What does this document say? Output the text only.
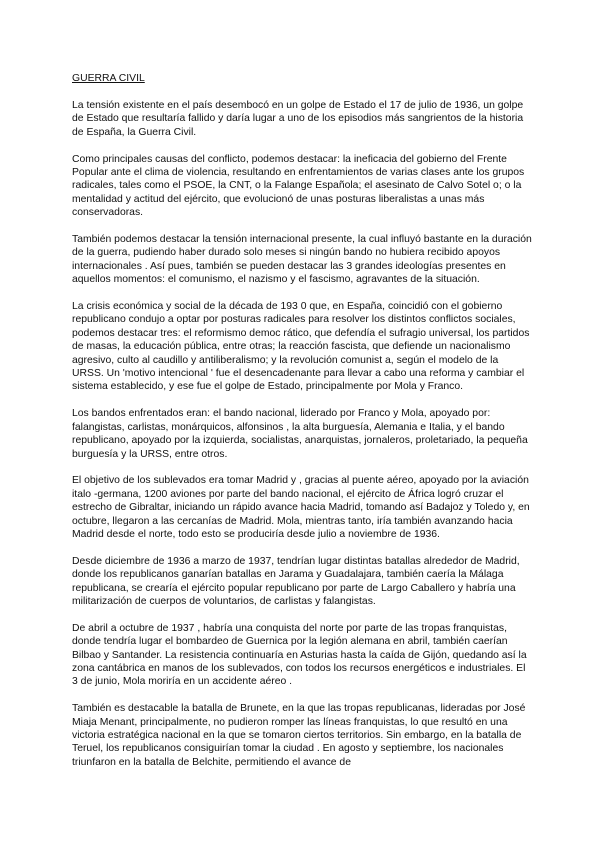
GUERRA CIVIL

La tensión existente en el país desembocó en un golpe de Estado el 17 de julio de 1936, un golpe de Estado que resultaría fallido y daría lugar a uno de los episodios más sangrientos de la historia de España, la Guerra Civil.

Como principales causas del conflicto, podemos destacar: la ineficacia del gobierno del Frente Popular ante el clima de violencia, resultando en enfrentamientos de varias clases ante los grupos radicales, tales como el PSOE, la CNT, o la Falange Española; el asesinato de Calvo Sotel o; o la mentalidad y actitud del ejército, que evolucionó de unas posturas liberalistas a unas más conservadoras.

También podemos destacar la tensión internacional presente, la cual influyó bastante en la duración de la guerra, pudiendo haber durado solo meses si ningún bando no hubiera recibido apoyos internacionales . Así pues, también se pueden destacar las 3 grandes ideologías presentes en aquellos momentos: el comunismo, el nazismo y el fascismo, agravantes de la situación.

La crisis económica y social de la década de 193 0 que, en España, coincidió con el gobierno republicano condujo a optar por posturas radicales para resolver los distintos conflictos sociales, podemos destacar tres: el reformismo democ rático, que defendía el sufragio universal, los partidos de masas, la educación pública, entre otras; la reacción fascista, que defiende un nacionalismo agresivo, culto al caudillo y antiliberalismo; y la revolución comunist a, según el modelo de la URSS. Un 'motivo intencional ' fue el desencadenante para llevar a cabo una reforma y cambiar el sistema establecido, y ese fue el golpe de Estado, principalmente por Mola y Franco.

Los bandos enfrentados eran: el bando nacional, liderado por Franco y Mola, apoyado por: falangistas, carlistas, monárquicos, alfonsinos , la alta burguesía, Alemania e Italia, y el bando republicano, apoyado por la izquierda, socialistas, anarquistas, jornaleros, proletariado, la pequeña burguesía y la URSS, entre otros.

El objetivo de los sublevados era tomar Madrid y , gracias al puente aéreo, apoyado por la aviación italo -germana, 1200 aviones por parte del bando nacional, el ejército de África logró cruzar el estrecho de Gibraltar, iniciando un rápido avance hacia Madrid, tomando así Badajoz y Toledo y, en octubre, llegaron a las cercanías de Madrid. Mola, mientras tanto, iría también avanzando hacia Madrid desde el norte, todo esto se produciría desde julio a noviembre de 1936.

Desde diciembre de 1936 a marzo de 1937, tendrían lugar distintas batallas alrededor de Madrid, donde los republicanos ganarían batallas en Jarama y Guadalajara, también caería la Málaga republicana, se crearía el ejército popular republicano por parte de Largo Caballero y habría una militarización de cuerpos de voluntarios, de carlistas y falangistas.

De abril a octubre de 1937 , habría una conquista del norte por parte de las tropas franquistas, donde tendría lugar el bombardeo de Guernica por la legión alemana en abril, también caerían Bilbao y Santander. La resistencia continuaría en Asturias hasta la caída de Gijón, quedando así la zona cantábrica en manos de los sublevados, con todos los recursos energéticos e industriales. El 3 de junio, Mola moriría en un accidente aéreo .

También es destacable la batalla de Brunete, en la que las tropas republicanas, lideradas por José Miaja Menant, principalmente, no pudieron romper las líneas franquistas, lo que resultó en una victoria estratégica nacional en la que se tomaron ciertos territorios. Sin embargo, en la batalla de Teruel, los republicanos consiguirían tomar la ciudad . En agosto y septiembre, los nacionales triunfaron en la batalla de Belchite, permitiendo el avance de
